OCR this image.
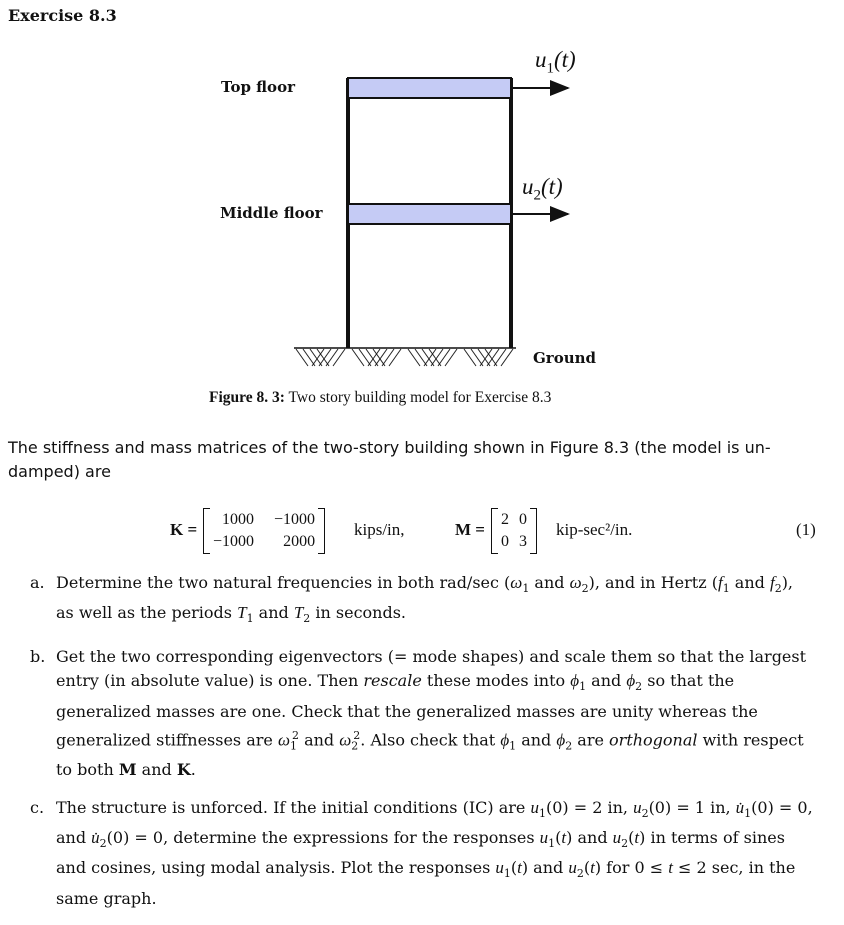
Exercise 8.3
Top floor
Middle floor
Ground
$u_1(t)$
$u_2(t)$
Figure 8. 3: Two story building model for Exercise 8.3
The stiffness and mass matrices of the two-story building shown in Figure 8.3 (the model is un-damped) are
K =
1000 −1000
−1000	2000
kips/in,	M =
2 0
0 3
kip-sec²/in.	(1)
a. Determine the two natural frequencies in both rad/sec ($\omega_1$ and $\omega_2$), and in Hertz ($f_1$ and $f_2$), as well as the periods $T_1$ and $T_2$ in seconds.
b. Get the two corresponding eigenvectors (= mode shapes) and scale them so that the largest entry (in absolute value) is one. Then rescale these modes into $\phi_1$ and $\phi_2$ so that the generalized masses are one. Check that the generalized masses are unity whereas the generalized stiffnesses are $\omega_1^2$ and $\omega_2^2$. Also check that $\phi_1$ and $\phi_2$ are orthogonal with respect to both M and K.
c. The structure is unforced. If the initial conditions (IC) are $u_1(0) = 2$ in, $u_2(0) = 1$ in, $u̇_1(0) = 0$, and $u̇_2(0) = 0$, determine the expressions for the responses $u_1(t)$ and $u_2(t)$ in terms of sines and cosines, using modal analysis. Plot the responses $u_1(t)$ and $u_2(t)$ for 0 ≤ t ≤ 2 sec, in the same graph.
